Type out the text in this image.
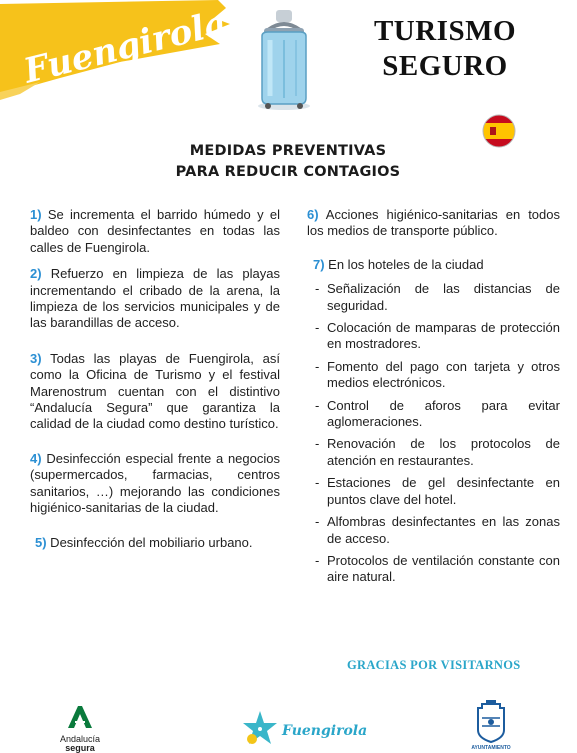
Fuengirola	TURISMO
SEGURO
MEDIDAS PREVENTIVAS
PARA REDUCIR CONTAGIOS

1) Se incrementa el barrido húmedo y el baldeo con desinfectantes en todas las calles de Fuengirola.

2) Refuerzo en limpieza de las playas incrementando el cribado de la arena, la limpieza de los servicios municipales y de las barandillas de acceso.

3) Todas las playas de Fuengirola, así como la Oficina de Turismo y el festival Marenostrum cuentan con el distintivo “Andalucía Segura” que garantiza la calidad de la ciudad como destino turístico.

4) Desinfección especial frente a negocios (supermercados, farmacias, centros sanitarios, …) mejorando las condiciones higiénico-sanitarias de la ciudad.

5) Desinfección del mobiliario urbano.

6) Acciones higiénico-sanitarias en todos los medios de transporte público.

7) En los hoteles de la ciudad

- Señalización de las distancias de seguridad.
- Colocación de mamparas de protección en mostradores.
- Fomento del pago con tarjeta y otros medios electrónicos.
- Control de aforos para evitar aglomeraciones.
- Renovación de los protocolos de atención en restaurantes.
- Estaciones de gel desinfectante en puntos clave del hotel.
- Alfombras desinfectantes en las zonas de acceso.
- Protocolos de ventilación constante con aire natural.
GRACIAS POR VISITARNOS
Andalucía
segura
Fuengirola
AYUNTAMIENTO
